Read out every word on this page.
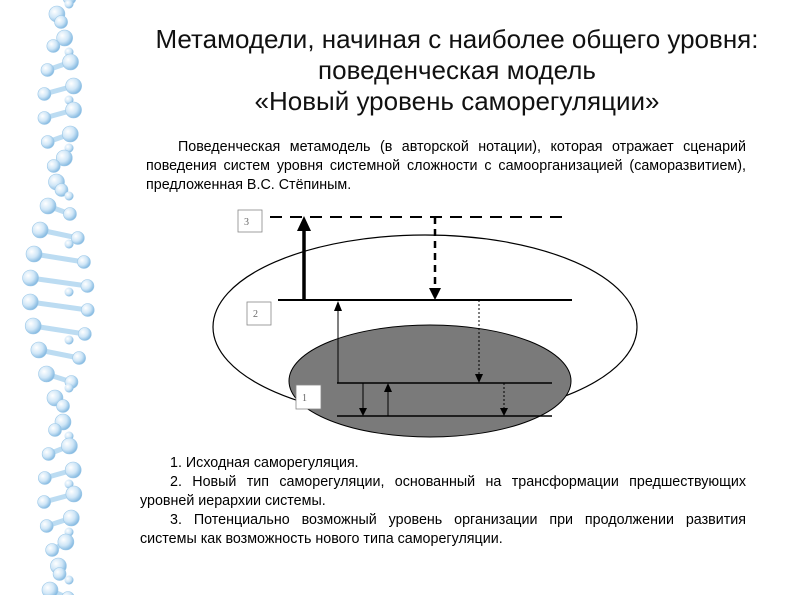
Метамодели, начиная с наиболее общего уровня:
поведенческая модель
«Новый уровень саморегуляции»
Поведенческая метамодель (в авторской нотации), которая отражает сценарий поведения систем уровня системной сложности с самоорганизацией (саморазвитием), предложенная В.С. Стёпиным.
3
2
1

1. Исходная саморегуляция.

2. Новый тип саморегуляции, основанный на трансформации предшествующих уровней иерархии системы.

3. Потенциально возможный уровень организации при продолжении развития системы как возможность нового типа саморегуляции.
